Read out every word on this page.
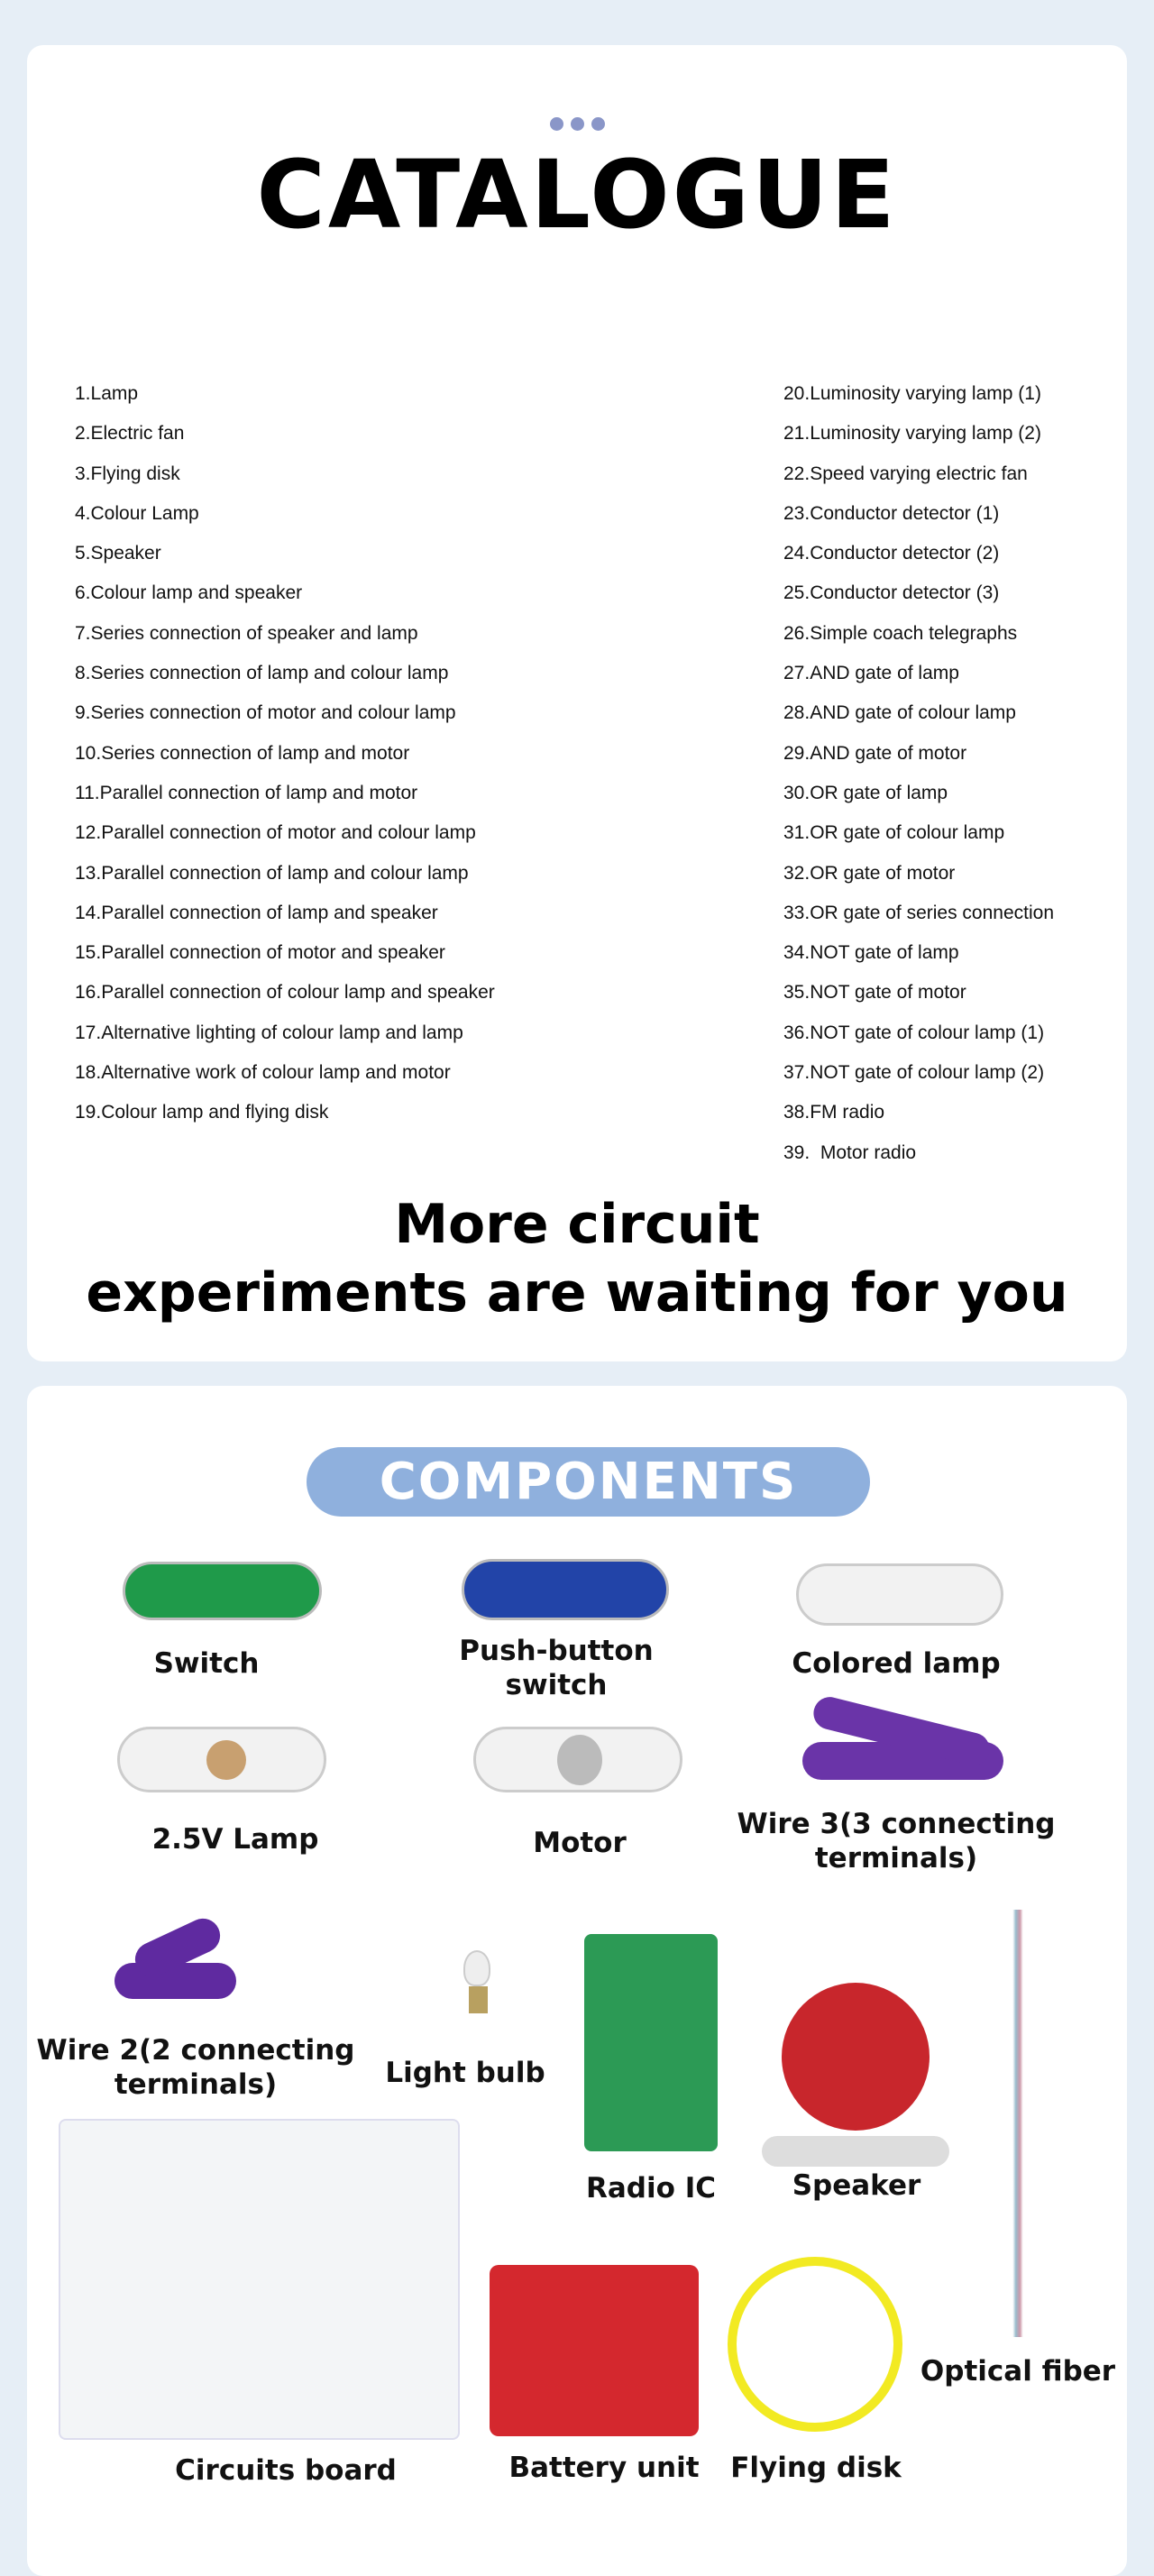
CATALOGUE
1.Lamp
2.Electric fan
3.Flying disk
4.Colour Lamp
5.Speaker
6.Colour lamp and speaker
7.Series connection of speaker and lamp
8.Series connection of lamp and colour lamp
9.Series connection of motor and colour lamp
10.Series connection of lamp and motor
11.Parallel connection of lamp and motor
12.Parallel connection of motor and colour lamp
13.Parallel connection of lamp and colour lamp
14.Parallel connection of lamp and speaker
15.Parallel connection of motor and speaker
16.Parallel connection of colour lamp and speaker
17.Alternative lighting of colour lamp and lamp
18.Alternative work of colour lamp and motor
19.Colour lamp and flying disk
20.Luminosity varying lamp (1)
21.Luminosity varying lamp (2)
22.Speed varying electric fan
23.Conductor detector (1)
24.Conductor detector (2)
25.Conductor detector (3)
26.Simple coach telegraphs
27.AND gate of lamp
28.AND gate of colour lamp
29.AND gate of motor
30.OR gate of lamp
31.OR gate of colour lamp
32.OR gate of motor
33.OR gate of series connection
34.NOT gate of lamp
35.NOT gate of motor
36.NOT gate of colour lamp (1)
37.NOT gate of colour lamp (2)
38.FM radio
39.  Motor radio
More circuit
experiments are waiting for you
COMPONENTS
Switch	Push-button
switch
Colored lamp
2.5V Lamp	Motor
Wire 3(3 connecting
terminals)
Wire 2(2 connecting
terminals)	Light bulb
Radio IC	Speaker
Optical fiber
Circuits board	Battery unit Flying disk
